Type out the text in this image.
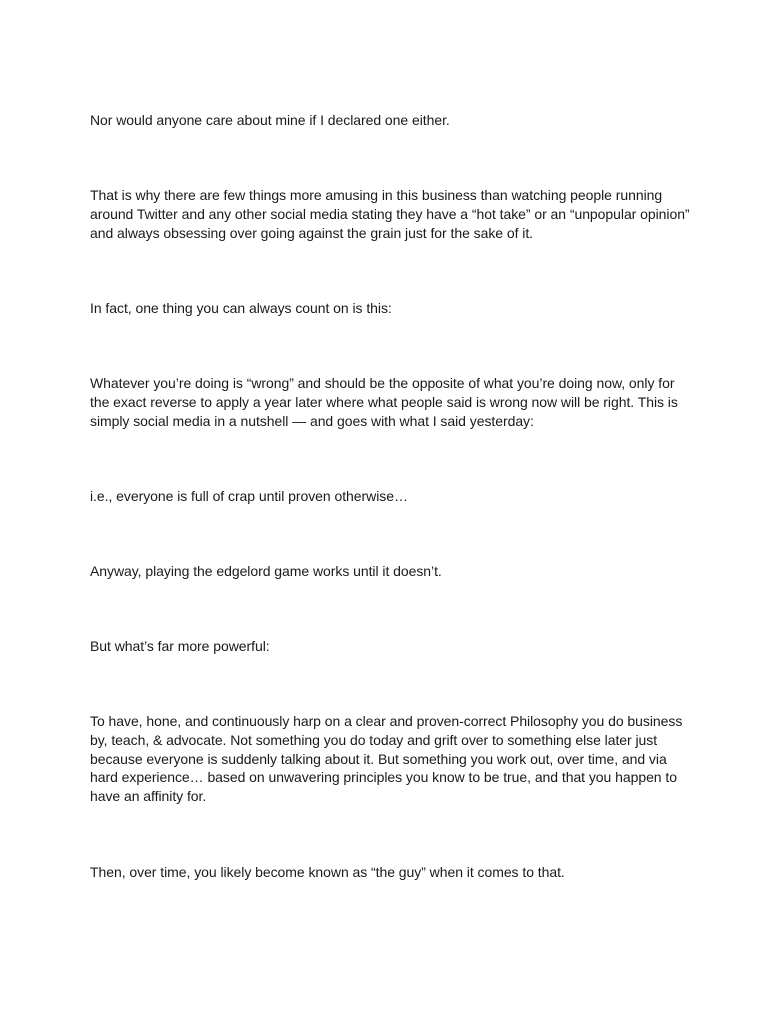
Nor would anyone care about mine if I declared one either.

That is why there are few things more amusing in this business than watching people running around Twitter and any other social media stating they have a “hot take” or an “unpopular opinion” and always obsessing over going against the grain just for the sake of it.

In fact, one thing you can always count on is this:

Whatever you’re doing is “wrong” and should be the opposite of what you’re doing now, only for the exact reverse to apply a year later where what people said is wrong now will be right. This is simply social media in a nutshell — and goes with what I said yesterday:

i.e., everyone is full of crap until proven otherwise…

Anyway, playing the edgelord game works until it doesn’t.

But what’s far more powerful:

To have, hone, and continuously harp on a clear and proven-correct Philosophy you do business by, teach, & advocate. Not something you do today and grift over to something else later just because everyone is suddenly talking about it. But something you work out, over time, and via hard experience… based on unwavering principles you know to be true, and that you happen to have an affinity for.

Then, over time, you likely become known as “the guy” when it comes to that.
